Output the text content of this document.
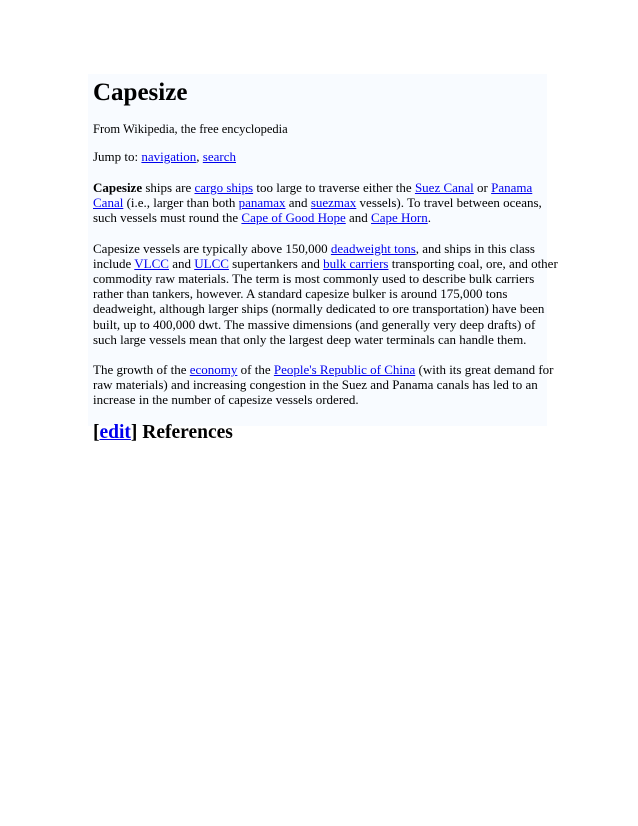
Capesize
From Wikipedia, the free encyclopedia
Jump to: navigation, search
Capesize ships are cargo ships too large to traverse either the Suez Canal or Panama
Canal (i.e., larger than both panamax and suezmax vessels). To travel between oceans,
such vessels must round the Cape of Good Hope and Cape Horn.
Capesize vessels are typically above 150,000 deadweight tons, and ships in this class
include VLCC and ULCC supertankers and bulk carriers transporting coal, ore, and other
commodity raw materials. The term is most commonly used to describe bulk carriers
rather than tankers, however. A standard capesize bulker is around 175,000 tons
deadweight, although larger ships (normally dedicated to ore transportation) have been
built, up to 400,000 dwt. The massive dimensions (and generally very deep drafts) of
such large vessels mean that only the largest deep water terminals can handle them.
The growth of the economy of the People's Republic of China (with its great demand for
raw materials) and increasing congestion in the Suez and Panama canals has led to an
increase in the number of capesize vessels ordered.
[edit] References
